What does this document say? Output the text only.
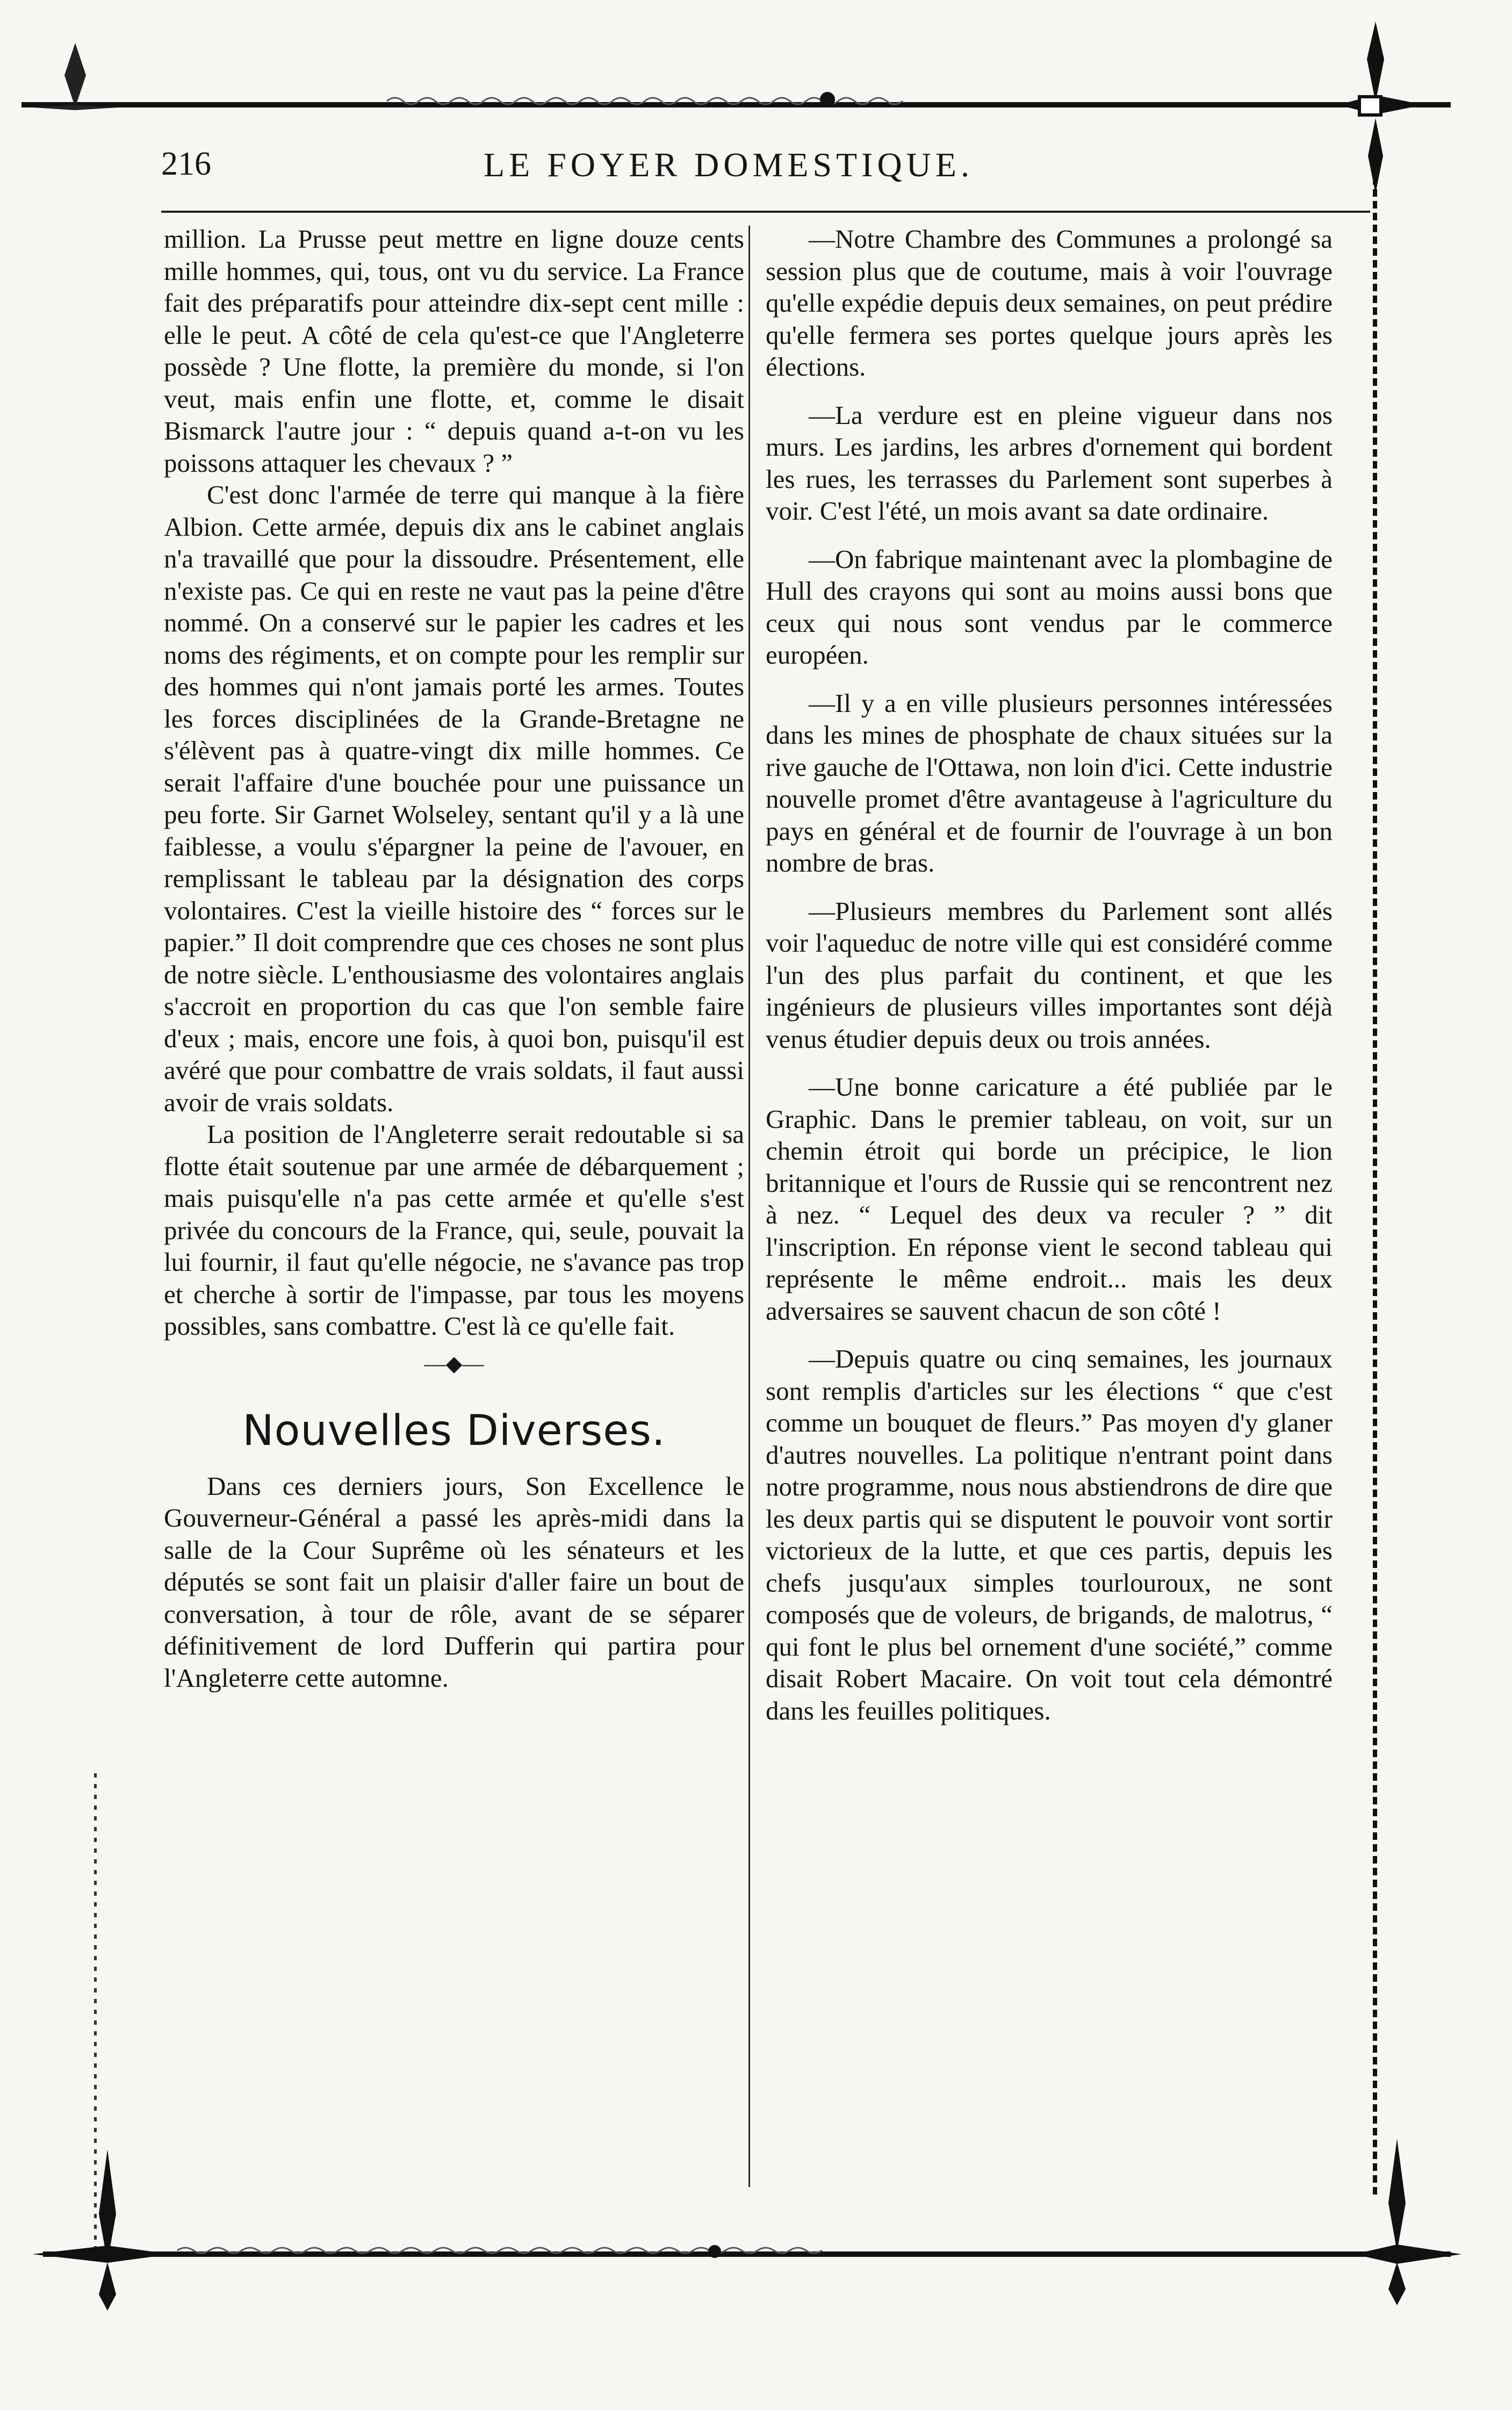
216	LE FOYER DOMESTIQUE.

million. La Prusse peut mettre en ligne douze cents mille hommes, qui, tous, ont vu du service. La France fait des préparatifs pour atteindre dix-sept cent mille : elle le peut. A côté de cela qu'est-ce que l'Angleterre possède ? Une flotte, la première du monde, si l'on veut, mais enfin une flotte, et, comme le disait Bismarck l'autre jour : “ depuis quand a-t-on vu les poissons attaquer les chevaux ? ”

C'est donc l'armée de terre qui manque à la fière Albion. Cette armée, depuis dix ans le cabinet anglais n'a travaillé que pour la dissoudre. Présentement, elle n'existe pas. Ce qui en reste ne vaut pas la peine d'être nommé. On a conservé sur le papier les cadres et les noms des régiments, et on compte pour les remplir sur des hommes qui n'ont jamais porté les armes. Toutes les forces disciplinées de la Grande-Bretagne ne s'élèvent pas à quatre-vingt dix mille hommes. Ce serait l'affaire d'une bouchée pour une puissance un peu forte. Sir Garnet Wolseley, sentant qu'il y a là une faiblesse, a voulu s'épargner la peine de l'avouer, en remplissant le tableau par la désignation des corps volontaires. C'est la vieille histoire des “ forces sur le papier.” Il doit comprendre que ces choses ne sont plus de notre siècle. L'enthousiasme des volontaires anglais s'accroit en proportion du cas que l'on semble faire d'eux ; mais, encore une fois, à quoi bon, puisqu'il est avéré que pour combattre de vrais soldats, il faut aussi avoir de vrais soldats.

La position de l'Angleterre serait redoutable si sa flotte était soutenue par une armée de débarquement ; mais puisqu'elle n'a pas cette armée et qu'elle s'est privée du concours de la France, qui, seule, pouvait la lui fournir, il faut qu'elle négocie, ne s'avance pas trop et cherche à sortir de l'impasse, par tous les moyens possibles, sans combattre. C'est là ce qu'elle fait.

—◆—
Nouvelles Diverses.

Dans ces derniers jours, Son Excellence le Gouverneur-Général a passé les après-midi dans la salle de la Cour Suprême où les sénateurs et les députés se sont fait un plaisir d'aller faire un bout de conversation, à tour de rôle, avant de se séparer définitivement de lord Dufferin qui partira pour l'Angleterre cette automne.

—Notre Chambre des Communes a prolongé sa session plus que de coutume, mais à voir l'ouvrage qu'elle expédie depuis deux semaines, on peut prédire qu'elle fermera ses portes quelque jours après les élections.

—La verdure est en pleine vigueur dans nos murs. Les jardins, les arbres d'ornement qui bordent les rues, les terrasses du Parlement sont superbes à voir. C'est l'été, un mois avant sa date ordinaire.

—On fabrique maintenant avec la plombagine de Hull des crayons qui sont au moins aussi bons que ceux qui nous sont vendus par le commerce européen.

—Il y a en ville plusieurs personnes intéressées dans les mines de phosphate de chaux situées sur la rive gauche de l'Ottawa, non loin d'ici. Cette industrie nouvelle promet d'être avantageuse à l'agriculture du pays en général et de fournir de l'ouvrage à un bon nombre de bras.

—Plusieurs membres du Parlement sont allés voir l'aqueduc de notre ville qui est considéré comme l'un des plus parfait du continent, et que les ingénieurs de plusieurs villes importantes sont déjà venus étudier depuis deux ou trois années.

—Une bonne caricature a été publiée par le Graphic. Dans le premier tableau, on voit, sur un chemin étroit qui borde un précipice, le lion britannique et l'ours de Russie qui se rencontrent nez à nez. “ Lequel des deux va reculer ? ” dit l'inscription. En réponse vient le second tableau qui représente le même endroit... mais les deux adversaires se sauvent chacun de son côté !

—Depuis quatre ou cinq semaines, les journaux sont remplis d'articles sur les élections “ que c'est comme un bouquet de fleurs.” Pas moyen d'y glaner d'autres nouvelles. La politique n'entrant point dans notre programme, nous nous abstiendrons de dire que les deux partis qui se disputent le pouvoir vont sortir victorieux de la lutte, et que ces partis, depuis les chefs jusqu'aux simples tourlouroux, ne sont composés que de voleurs, de brigands, de malotrus, “ qui font le plus bel ornement d'une société,” comme disait Robert Macaire. On voit tout cela démontré dans les feuilles politiques.
